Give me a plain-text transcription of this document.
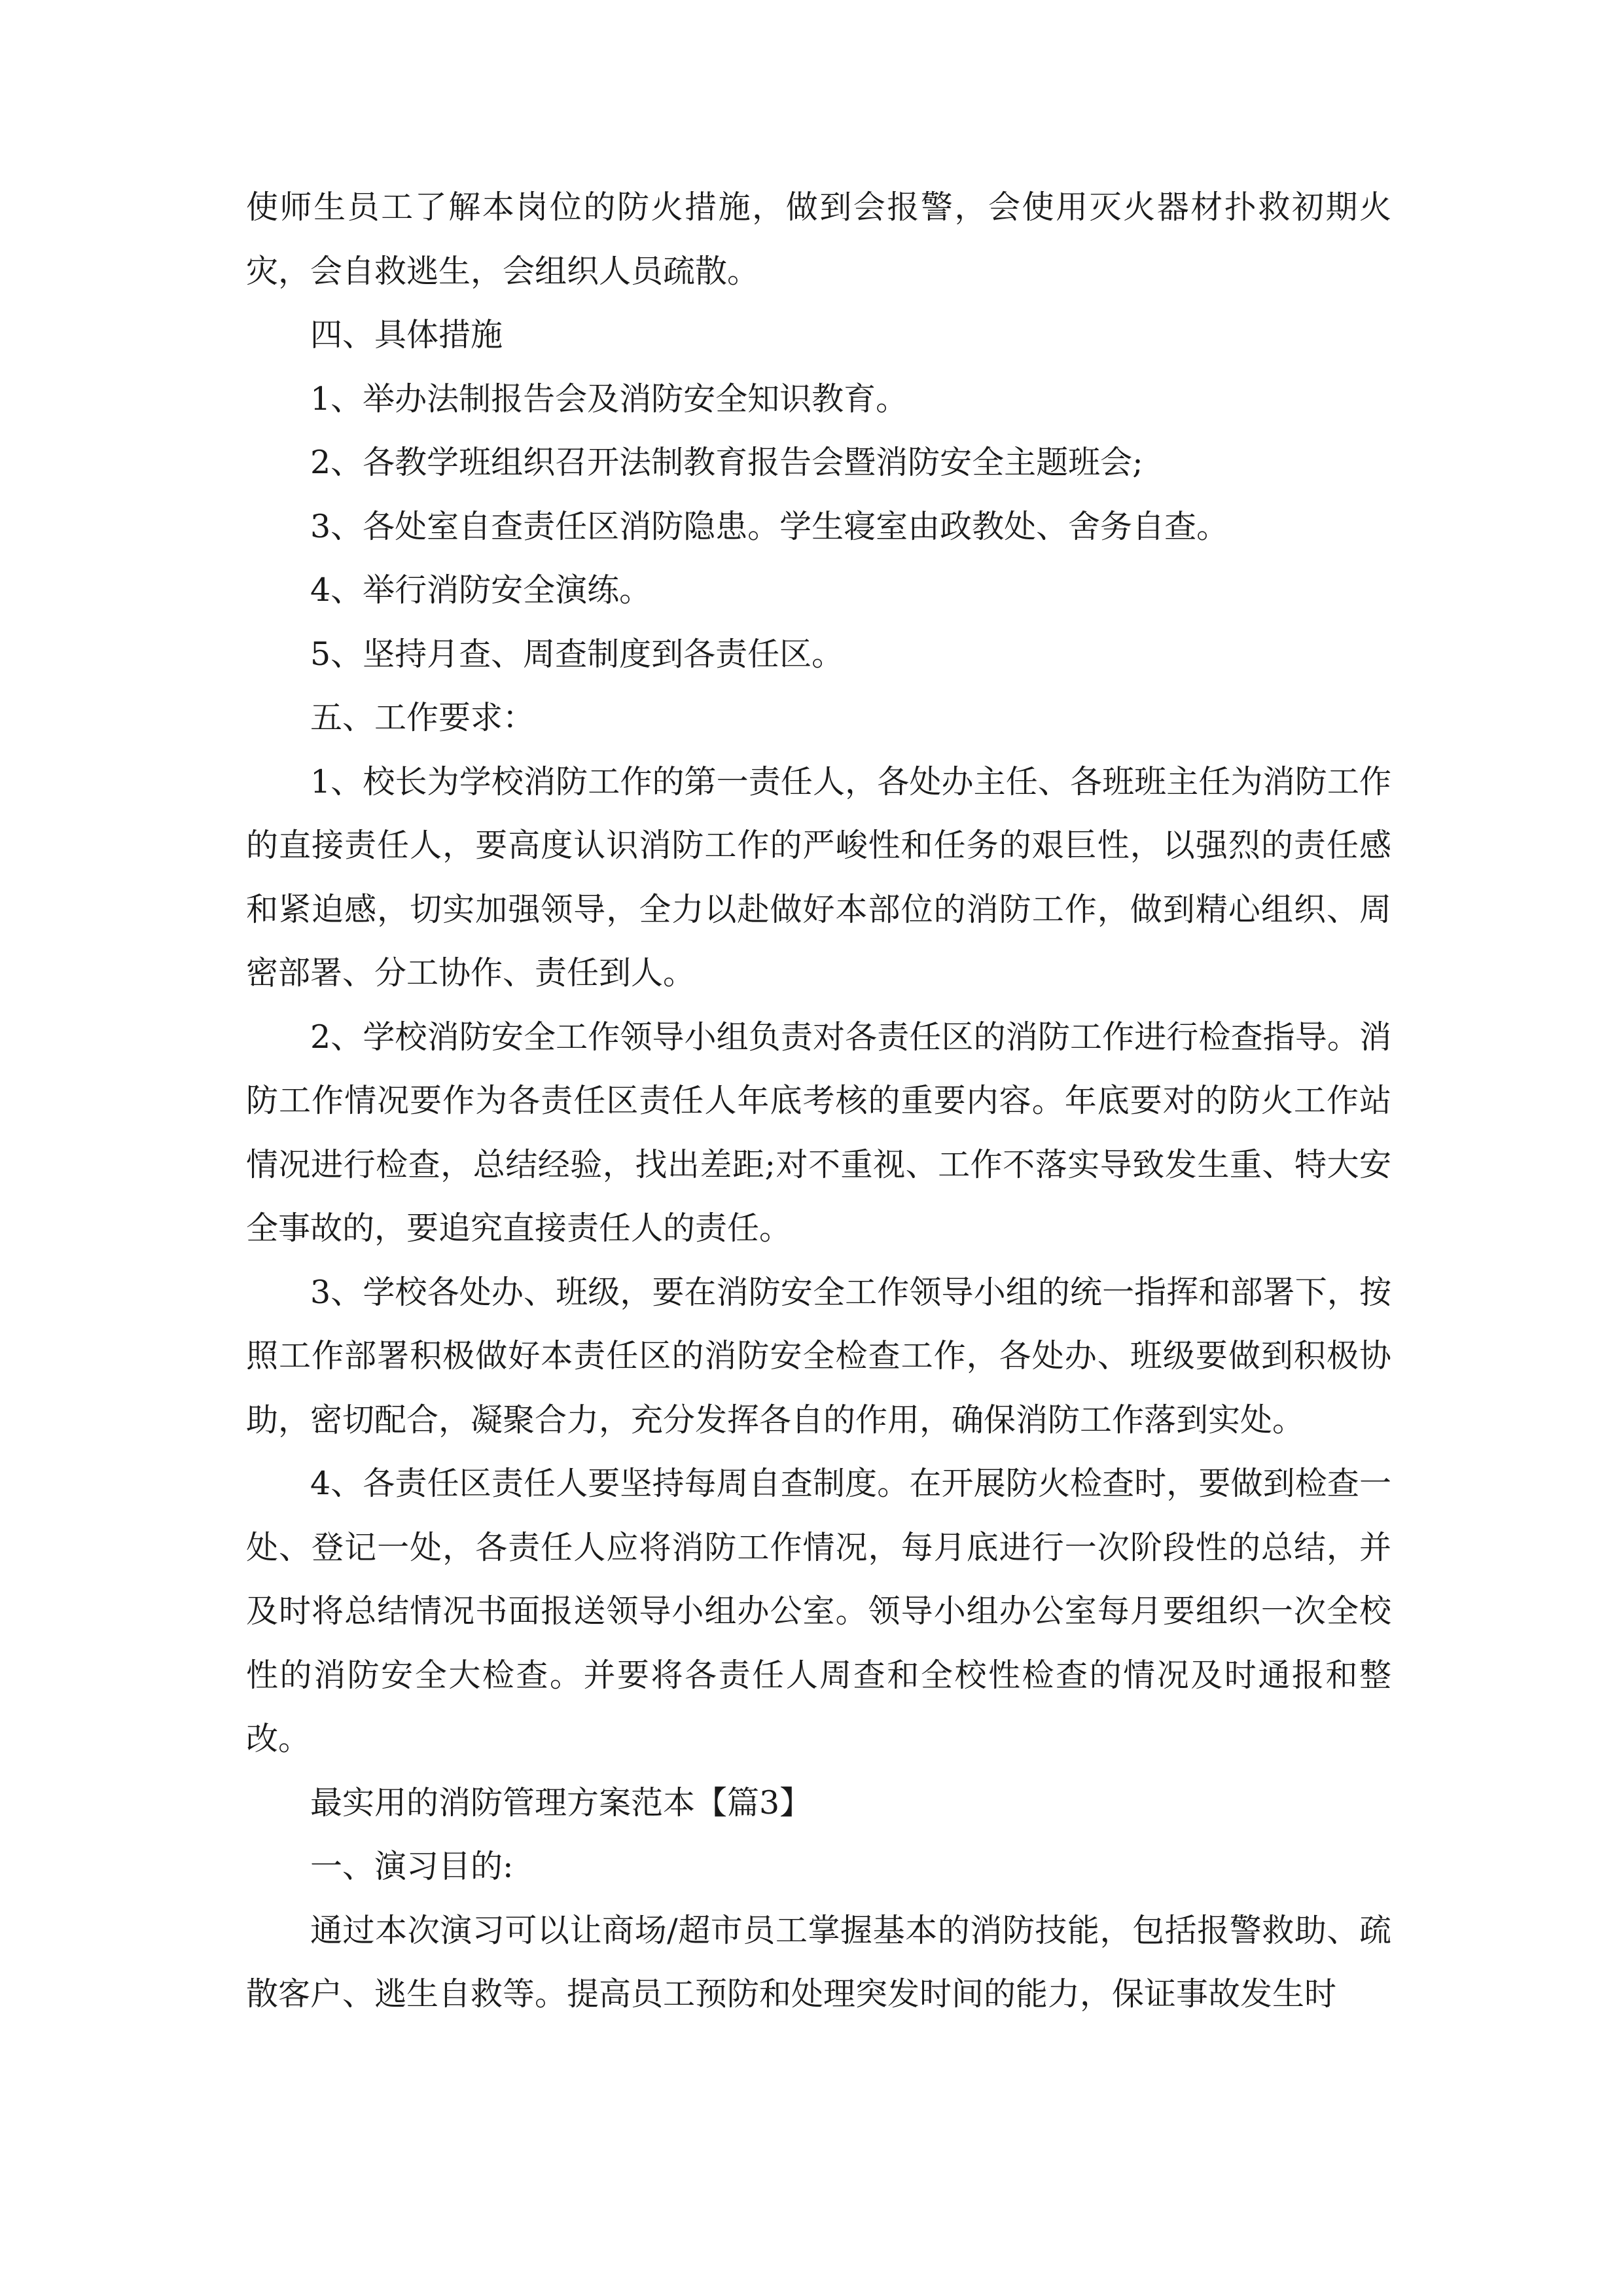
使师生员工了解本岗位的防火措施，做到会报警，会使用灭火器材扑救初期火灾，会自救逃生，会组织人员疏散。

四、具体措施

1、举办法制报告会及消防安全知识教育。

2、各教学班组织召开法制教育报告会暨消防安全主题班会;

3、各处室自查责任区消防隐患。学生寝室由政教处、舍务自查。

4、举行消防安全演练。

5、坚持月查、周查制度到各责任区。

五、工作要求：

1、校长为学校消防工作的第一责任人，各处办主任、各班班主任为消防工作的直接责任人，要高度认识消防工作的严峻性和任务的艰巨性，以强烈的责任感和紧迫感，切实加强领导，全力以赴做好本部位的消防工作，做到精心组织、周密部署、分工协作、责任到人。

2、学校消防安全工作领导小组负责对各责任区的消防工作进行检查指导。消防工作情况要作为各责任区责任人年底考核的重要内容。年底要对的防火工作站情况进行检查，总结经验，找出差距;对不重视、工作不落实导致发生重、特大安全事故的，要追究直接责任人的责任。

3、学校各处办、班级，要在消防安全工作领导小组的统一指挥和部署下，按照工作部署积极做好本责任区的消防安全检查工作，各处办、班级要做到积极协助，密切配合，凝聚合力，充分发挥各自的作用，确保消防工作落到实处。

4、各责任区责任人要坚持每周自查制度。在开展防火检查时，要做到检查一处、登记一处，各责任人应将消防工作情况，每月底进行一次阶段性的总结，并及时将总结情况书面报送领导小组办公室。领导小组办公室每月要组织一次全校性的消防安全大检查。并要将各责任人周查和全校性检查的情况及时通报和整改。

最实用的消防管理方案范本【篇3】

一、演习目的:

通过本次演习可以让商场/超市员工掌握基本的消防技能，包括报警救助、疏散客户、逃生自救等。提高员工预防和处理突发时间的能力，保证事故发生时
